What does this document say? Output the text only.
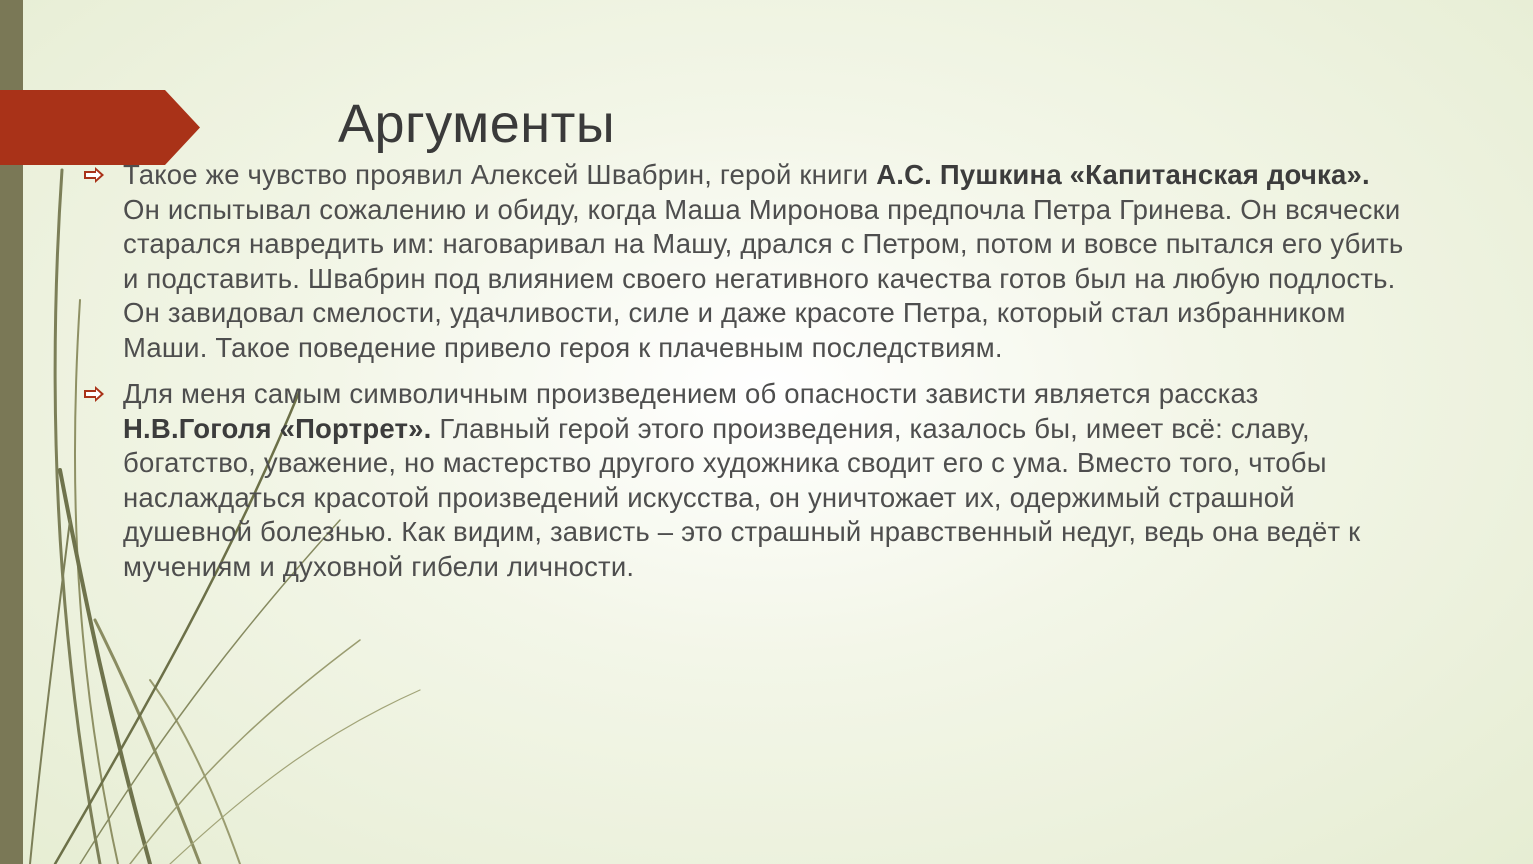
Аргументы

Такое же чувство проявил Алексей Швабрин, герой книги А.С. Пушкина «Капитанская дочка». Он испытывал сожалению и обиду, когда Маша Миронова предпочла Петра Гринева. Он всячески старался навредить им: наговаривал на Машу, дрался с Петром, потом и вовсе пытался его убить и подставить. Швабрин под влиянием своего негативного качества готов был на любую подлость. Он завидовал смелости, удачливости, силе и даже красоте Петра, который стал избранником Маши. Такое поведение привело героя к плачевным последствиям.

Для меня самым символичным произведением об опасности зависти является рассказ Н.В.Гоголя «Портрет». Главный герой этого произведения, казалось бы, имеет всё: славу, богатство, уважение, но мастерство другого художника сводит его с ума. Вместо того, чтобы наслаждаться красотой произведений искусства, он уничтожает их, одержимый страшной душевной болезнью. Как видим, зависть – это страшный нравственный недуг, ведь она ведёт к мучениям и духовной гибели личности.
